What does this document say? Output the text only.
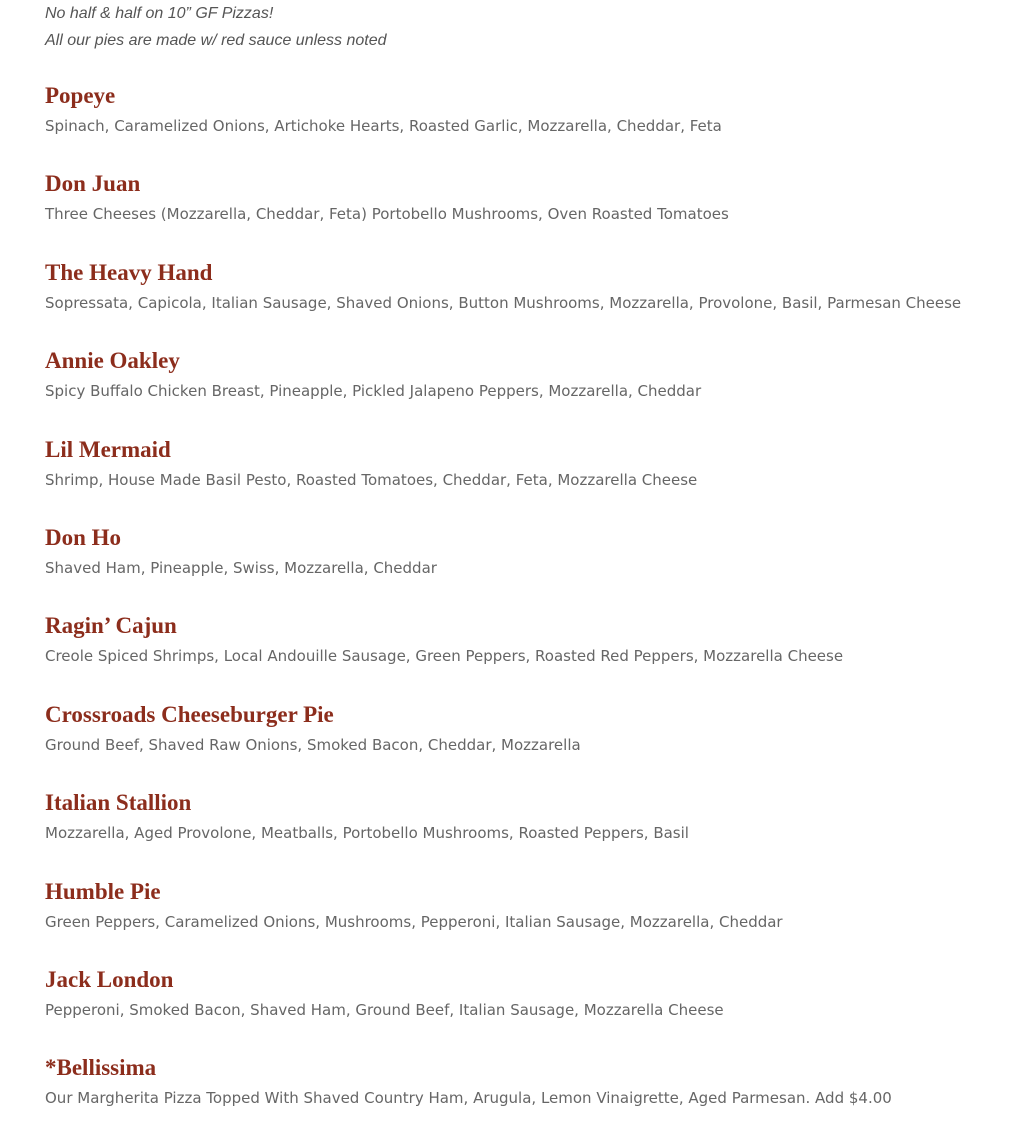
No half & half on 10” GF Pizzas!

All our pies are made w/ red sauce unless noted

Popeye

Spinach, Caramelized Onions, Artichoke Hearts, Roasted Garlic, Mozzarella, Cheddar, Feta

Don Juan

Three Cheeses (Mozzarella, Cheddar, Feta) Portobello Mushrooms, Oven Roasted Tomatoes

The Heavy Hand

Sopressata, Capicola, Italian Sausage, Shaved Onions, Button Mushrooms, Mozzarella, Provolone, Basil, Parmesan Cheese

Annie Oakley

Spicy Buffalo Chicken Breast, Pineapple, Pickled Jalapeno Peppers, Mozzarella, Cheddar

Lil Mermaid

Shrimp, House Made Basil Pesto, Roasted Tomatoes, Cheddar, Feta, Mozzarella Cheese

Don Ho

Shaved Ham, Pineapple, Swiss, Mozzarella, Cheddar

Ragin’ Cajun

Creole Spiced Shrimps, Local Andouille Sausage, Green Peppers, Roasted Red Peppers, Mozzarella Cheese

Crossroads Cheeseburger Pie

Ground Beef, Shaved Raw Onions, Smoked Bacon, Cheddar, Mozzarella

Italian Stallion

Mozzarella, Aged Provolone, Meatballs, Portobello Mushrooms, Roasted Peppers, Basil

Humble Pie

Green Peppers, Caramelized Onions, Mushrooms, Pepperoni, Italian Sausage, Mozzarella, Cheddar

Jack London

Pepperoni, Smoked Bacon, Shaved Ham, Ground Beef, Italian Sausage, Mozzarella Cheese

*Bellissima

Our Margherita Pizza Topped With Shaved Country Ham, Arugula, Lemon Vinaigrette, Aged Parmesan. Add $4.00
